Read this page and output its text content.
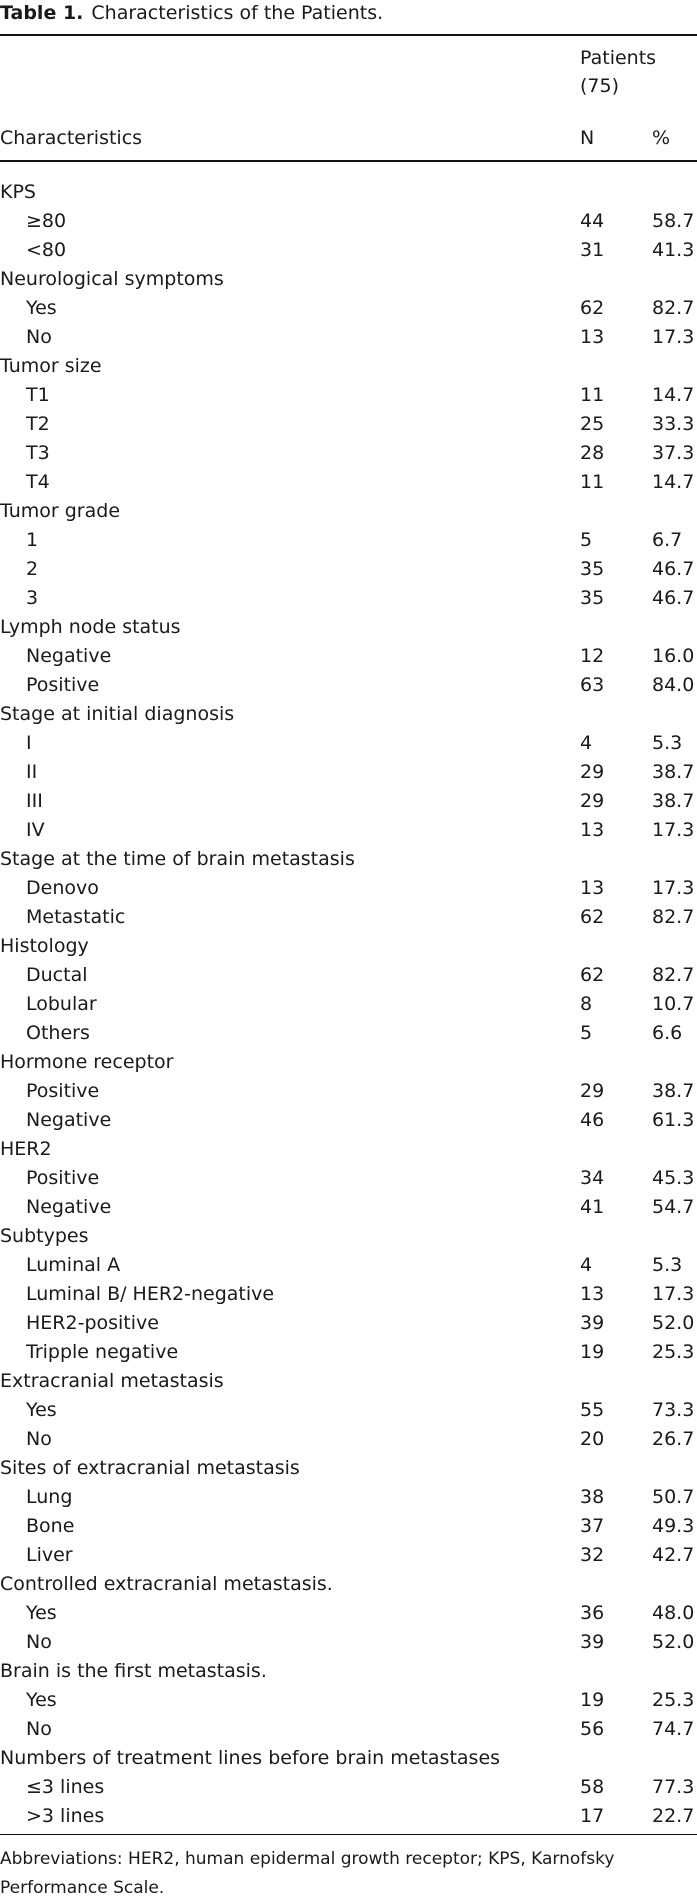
Table 1. Characteristics of the Patients.
Patients
(75)
Characteristics	N	%
KPS
≥80	44	58.7
<80	31	41.3
Neurological symptoms
Yes	62	82.7
No	13	17.3
Tumor size
T1	11	14.7
T2	25	33.3
T3	28	37.3
T4	11	14.7
Tumor grade
1	5	6.7
2	35	46.7
3	35	46.7
Lymph node status
Negative	12	16.0
Positive	63	84.0
Stage at initial diagnosis
I	4	5.3
II	29	38.7
III	29	38.7
IV	13	17.3
Stage at the time of brain metastasis
Denovo	13	17.3
Metastatic	62	82.7
Histology
Ductal	62	82.7
Lobular	8	10.7
Others	5	6.6
Hormone receptor
Positive	29	38.7
Negative	46	61.3
HER2
Positive	34	45.3
Negative	41	54.7
Subtypes
Luminal A	4	5.3
Luminal B/ HER2-negative	13	17.3
HER2-positive	39	52.0
Tripple negative	19	25.3
Extracranial metastasis
Yes	55	73.3
No	20	26.7
Sites of extracranial metastasis
Lung	38	50.7
Bone	37	49.3
Liver	32	42.7
Controlled extracranial metastasis.
Yes	36	48.0
No	39	52.0
Brain is the first metastasis.
Yes	19	25.3
No	56	74.7
Numbers of treatment lines before brain metastases
≤3 lines	58	77.3
>3 lines	17	22.7
Abbreviations: HER2, human epidermal growth receptor; KPS, Karnofsky Performance Scale.
